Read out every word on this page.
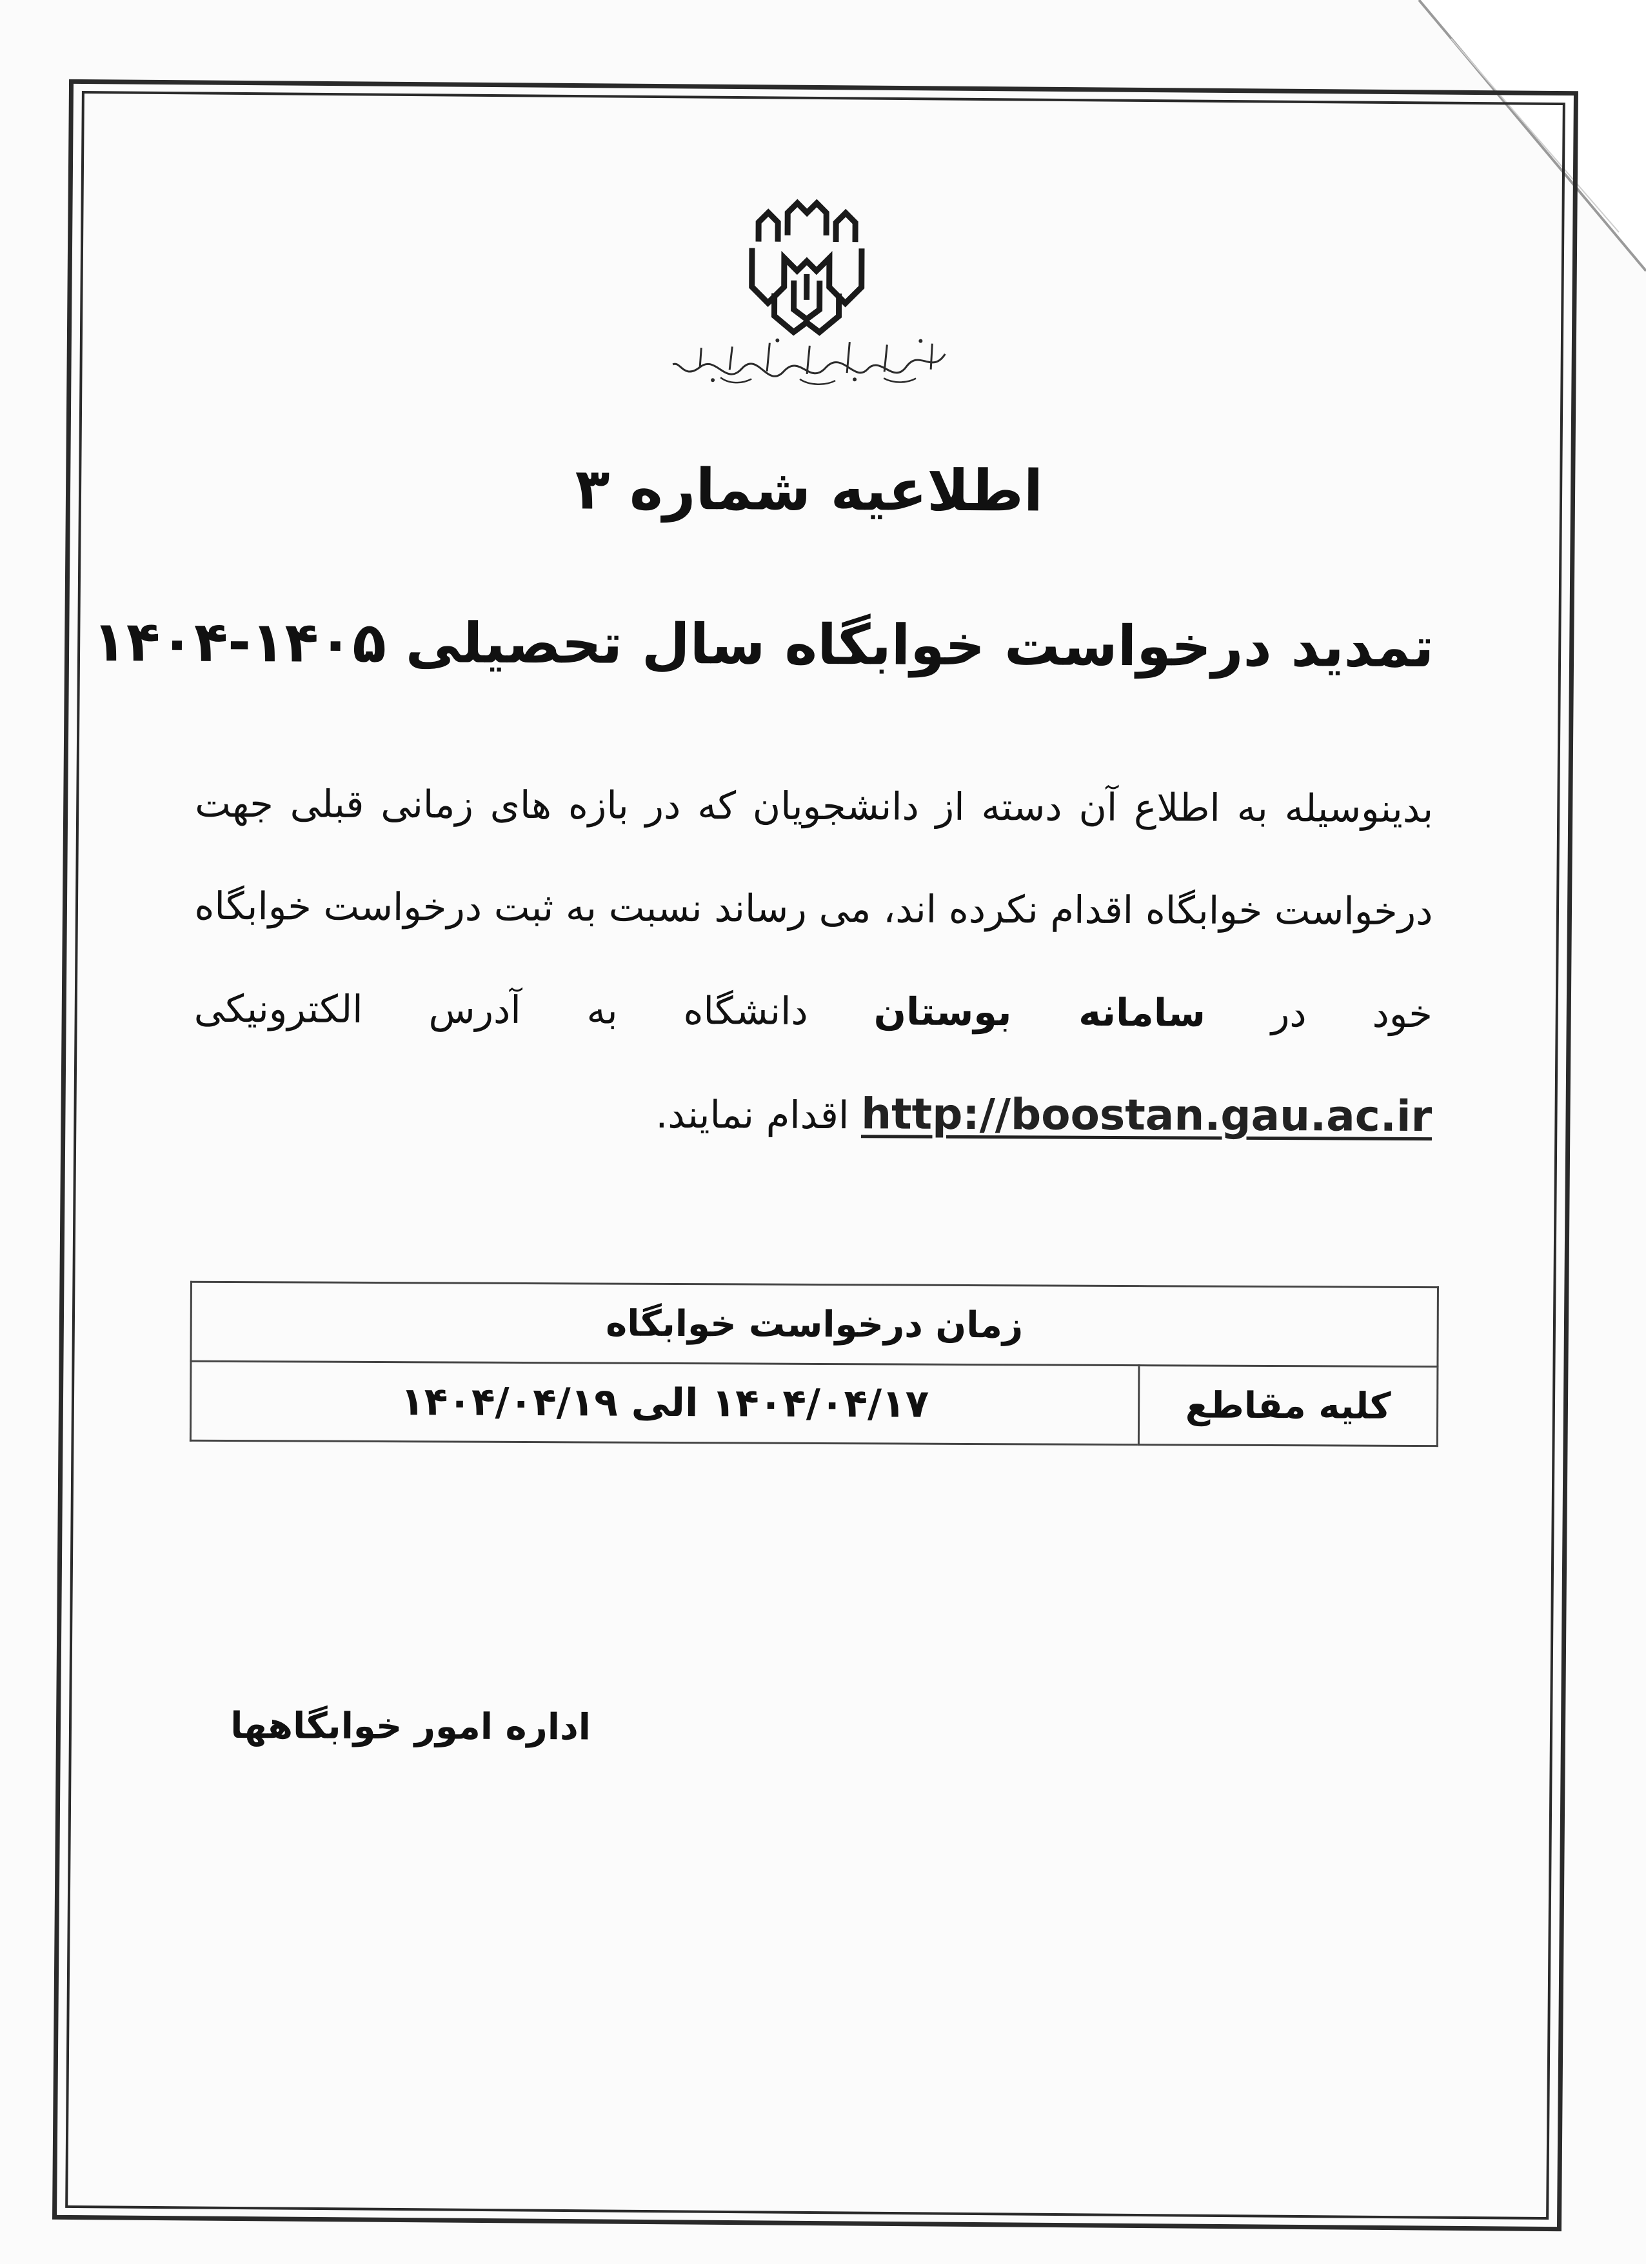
اطلاعیه شماره ۳
تمدید درخواست خوابگاه سال تحصیلی ۱۴۰۵-۱۴۰۴
بدینوسیله به اطلاع آن دسته از دانشجویان که در بازه های زمانی قبلی جهت درخواست خوابگاه اقدام نکرده اند، می رساند نسبت به ثبت درخواست خوابگاه خود در سامانه بوستان دانشگاه به آدرس الکترونیکی http://boostan.gau.ac.ir اقدام نمایند.
زمان درخواست خوابگاه
کلیه مقاطع	۱۴۰۴/۰۴/۱۷ الی ۱۴۰۴/۰۴/۱۹
اداره امور خوابگاهها
